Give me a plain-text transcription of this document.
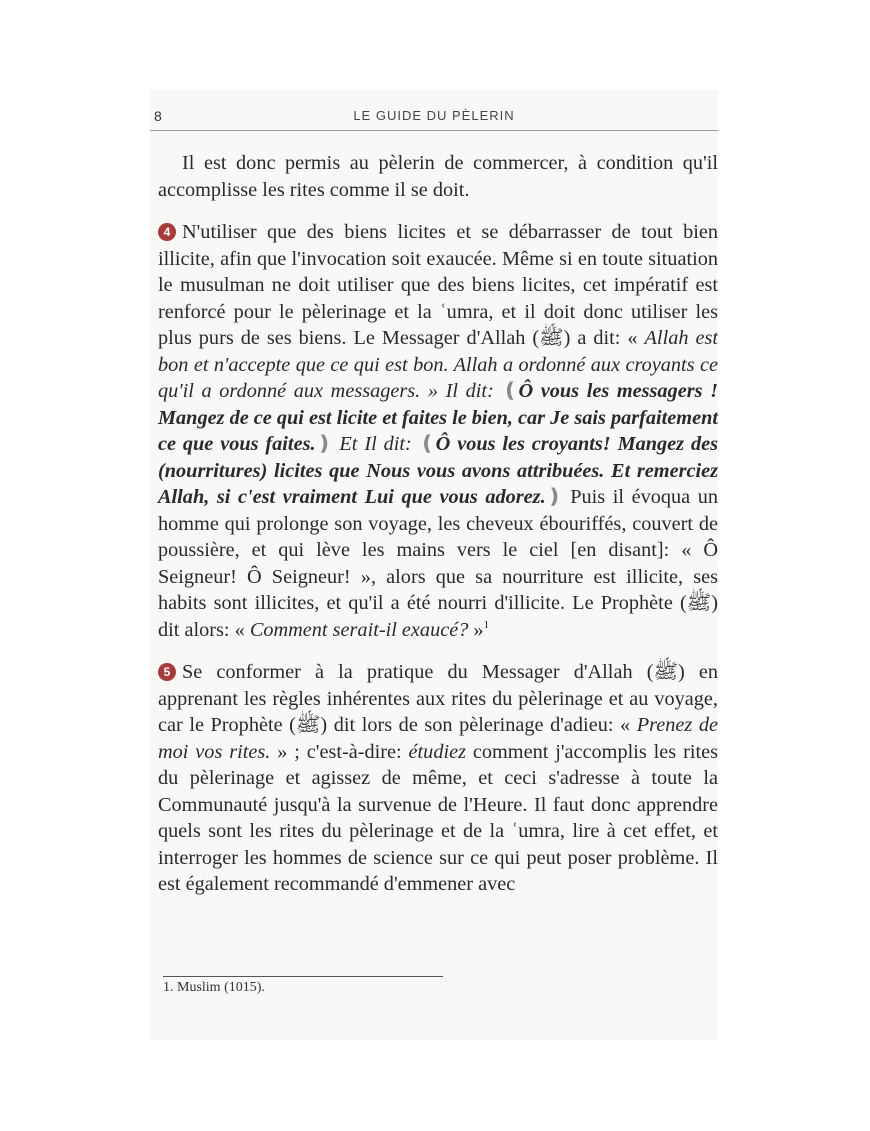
8	LE GUIDE DU PÈLERIN

Il est donc permis au pèlerin de commercer, à condition qu'il accomplisse les rites comme il se doit.

4 N'utiliser que des biens licites et se débarrasser de tout bien illicite, afin que l'invocation soit exaucée. Même si en toute situation le musulman ne doit utiliser que des biens licites, cet impératif est renforcé pour le pèlerinage et la ʿumra, et il doit donc utiliser les plus purs de ses biens. Le Messager d'Allah (ﷺ) a dit: « Allah est bon et n'accepte que ce qui est bon. Allah a ordonné aux croyants ce qu'il a ordonné aux messagers. » Il dit: ❪Ô vous les messagers ! Mangez de ce qui est licite et faites le bien, car Je sais parfaitement ce que vous faites.❫ Et Il dit: ❪Ô vous les croyants! Mangez des (nourritures) licites que Nous vous avons attribuées. Et remerciez Allah, si c'est vraiment Lui que vous adorez.❫ Puis il évoqua un homme qui prolonge son voyage, les cheveux ébouriffés, couvert de poussière, et qui lève les mains vers le ciel [en disant]: « Ô Seigneur! Ô Seigneur! », alors que sa nourriture est illicite, ses habits sont illicites, et qu'il a été nourri d'illicite. Le Prophète (ﷺ) dit alors: « Comment serait-il exaucé? »$^1$

5 Se conformer à la pratique du Messager d'Allah (ﷺ) en apprenant les règles inhérentes aux rites du pèlerinage et au voyage, car le Prophète (ﷺ) dit lors de son pèlerinage d'adieu: « Prenez de moi vos rites. » ; c'est-à-dire: étudiez comment j'accomplis les rites du pèlerinage et agissez de même, et ceci s'adresse à toute la Communauté jusqu'à la survenue de l'Heure. Il faut donc apprendre quels sont les rites du pèlerinage et de la ʿumra, lire à cet effet, et interroger les hommes de science sur ce qui peut poser problème. Il est également recommandé d'emmener avec

1. Muslim (1015).
